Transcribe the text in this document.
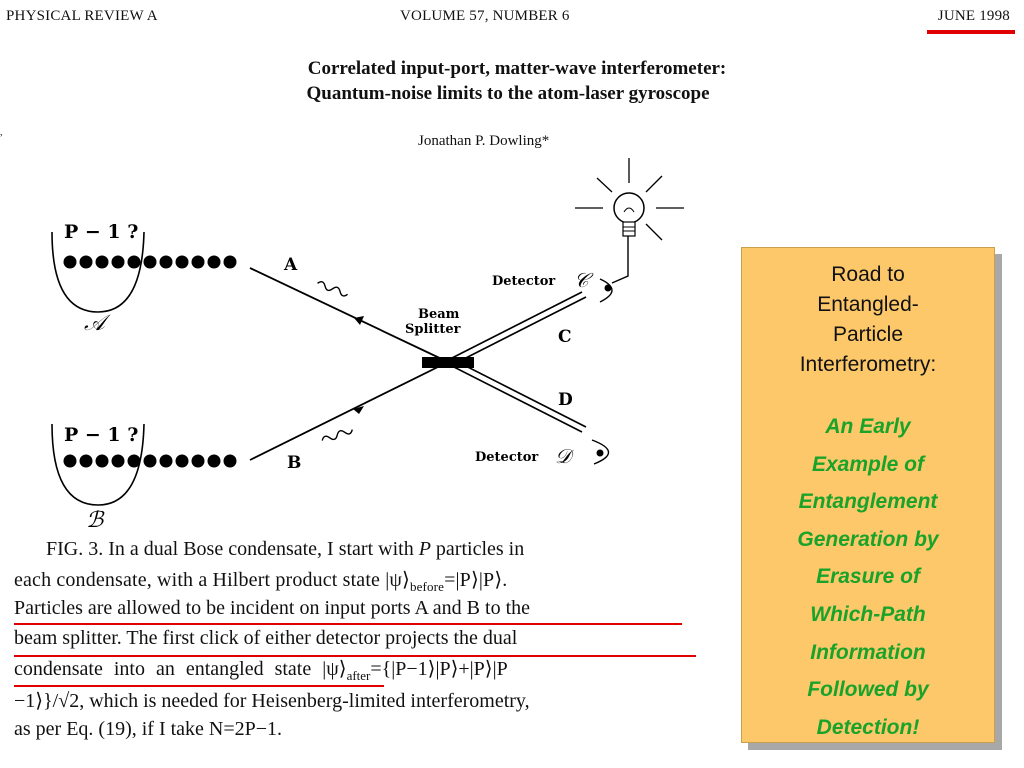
PHYSICAL REVIEW A	VOLUME 57, NUMBER 6	JUNE 1998
,
Correlated input-port, matter-wave interferometer:
Quantum-noise limits to the atom-laser gyroscope
Jonathan P. Dowling*
P − 1 ?
𝒜
P − 1 ?
ℬ
A
B
Beam
Splitter	C
D
Detector 𝒞
Detector 𝒟
FIG. 3. In a dual Bose condensate, I start with P particles in
each condensate, with a Hilbert product state $|\psi⟩_{before}=|P⟩|P⟩$.
Particles are allowed to be incident on input ports A and B to the
beam splitter. The first click of either detector projects the dual
condensate into an entangled state $|\psi⟩_{after}=\{|P-1⟩|P⟩+|P⟩|P$
−1⟩}/√2, which is needed for Heisenberg-limited interferometry,
as per Eq. (19), if I take N=2P−1.
Road to
Entangled-
Particle
Interferometry:
An Early
Example of
Entanglement
Generation by
Erasure of
Which-Path
Information
Followed by
Detection!
